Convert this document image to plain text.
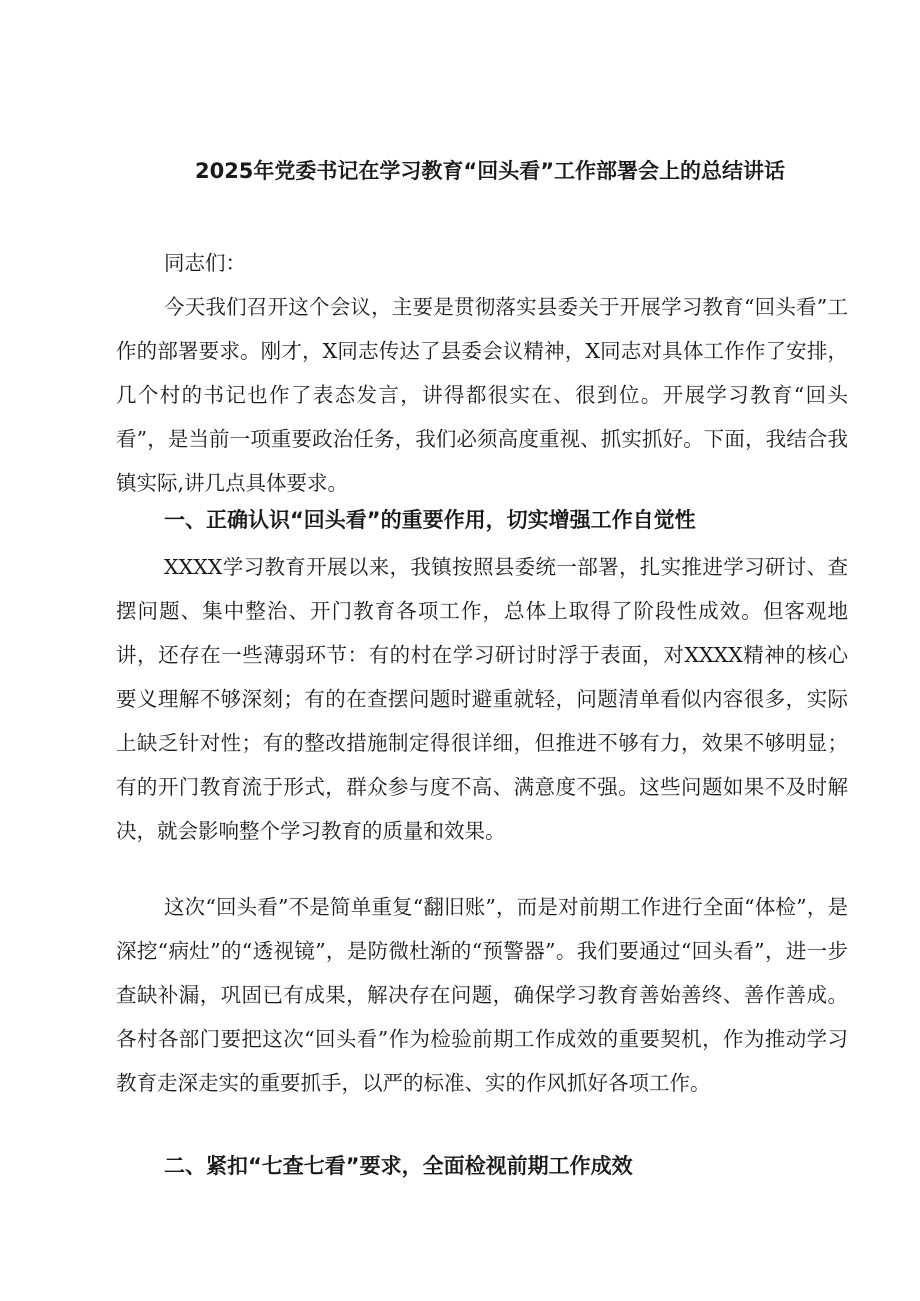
2025年党委书记在学习教育“回头看”工作部署会上的总结讲话

同志们：

今天我们召开这个会议，主要是贯彻落实县委关于开展学习教育“回头看”工作的部署要求。刚才，X同志传达了县委会议精神，X同志对具体工作作了安排，几个村的书记也作了表态发言，讲得都很实在、很到位。开展学习教育“回头看”，是当前一项重要政治任务，我们必须高度重视、抓实抓好。下面，我结合我镇实际,讲几点具体要求。

一、正确认识“回头看”的重要作用，切实增强工作自觉性

XXXX学习教育开展以来，我镇按照县委统一部署，扎实推进学习研讨、查摆问题、集中整治、开门教育各项工作，总体上取得了阶段性成效。但客观地讲，还存在一些薄弱环节：有的村在学习研讨时浮于表面，对XXXX精神的核心要义理解不够深刻；有的在查摆问题时避重就轻，问题清单看似内容很多，实际上缺乏针对性；有的整改措施制定得很详细，但推进不够有力，效果不够明显；有的开门教育流于形式，群众参与度不高、满意度不强。这些问题如果不及时解决，就会影响整个学习教育的质量和效果。

这次“回头看”不是简单重复“翻旧账”，而是对前期工作进行全面“体检”，是深挖“病灶”的“透视镜”，是防微杜渐的“预警器”。我们要通过“回头看”，进一步查缺补漏，巩固已有成果，解决存在问题，确保学习教育善始善终、善作善成。各村各部门要把这次“回头看”作为检验前期工作成效的重要契机，作为推动学习教育走深走实的重要抓手，以严的标准、实的作风抓好各项工作。

二、紧扣“七查七看”要求，全面检视前期工作成效
